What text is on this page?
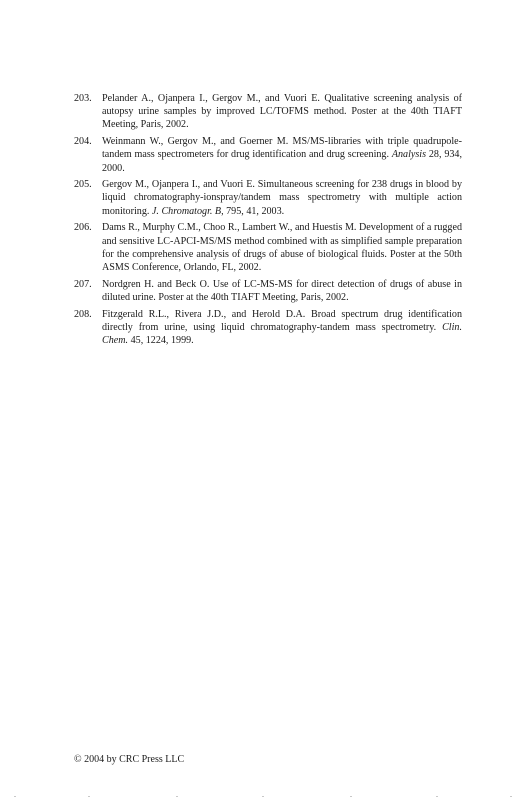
203. Pelander A., Ojanpera I., Gergov M., and Vuori E. Qualitative screening analysis of autopsy urine samples by improved LC/TOFMS method. Poster at the 40th TIAFT Meeting, Paris, 2002.
204. Weinmann W., Gergov M., and Goerner M. MS/MS-libraries with triple quadrupole-tandem mass spectrometers for drug identification and drug screening. Analysis 28, 934, 2000.
205. Gergov M., Ojanpera I., and Vuori E. Simultaneous screening for 238 drugs in blood by liquid chromatography-ionspray/tandem mass spectrometry with multiple action monitoring. J. Chromatogr. B, 795, 41, 2003.
206. Dams R., Murphy C.M., Choo R., Lambert W., and Huestis M. Development of a rugged and sensitive LC-APCI-MS/MS method combined with as simplified sample preparation for the comprehensive analysis of drugs of abuse of biological fluids. Poster at the 50th ASMS Conference, Orlando, FL, 2002.
207. Nordgren H. and Beck O. Use of LC-MS-MS for direct detection of drugs of abuse in diluted urine. Poster at the 40th TIAFT Meeting, Paris, 2002.
208. Fitzgerald R.L., Rivera J.D., and Herold D.A. Broad spectrum drug identification directly from urine, using liquid chromatography-tandem mass spectrometry. Clin. Chem. 45, 1224, 1999.
© 2004 by CRC Press LLC
